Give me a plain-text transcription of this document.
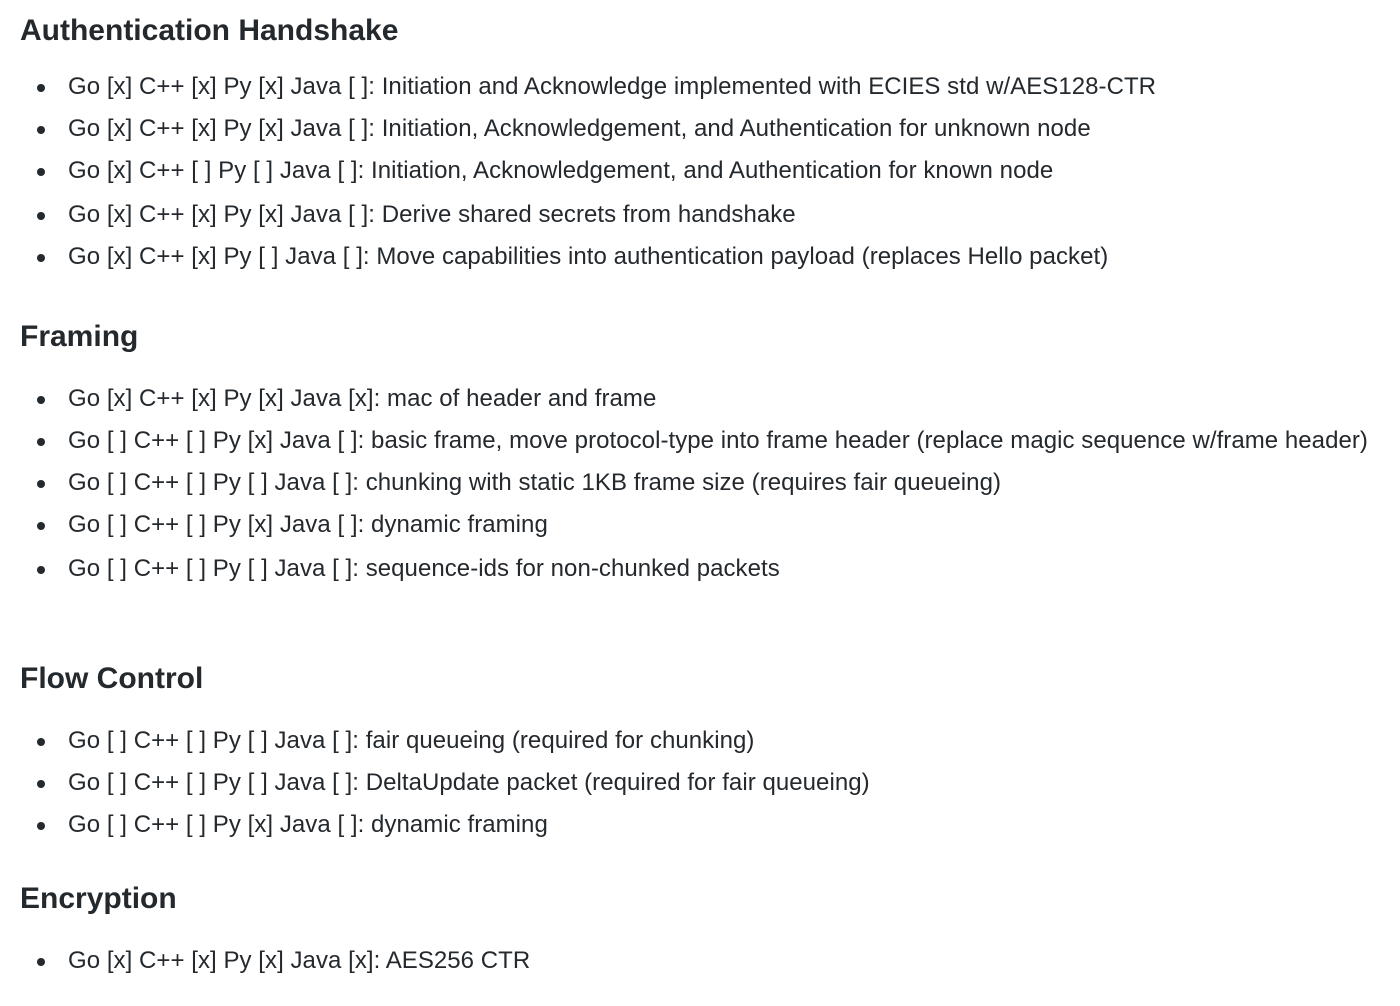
Authentication Handshake
Go [x] C++ [x] Py [x] Java [ ]: Initiation and Acknowledge implemented with ECIES std w/AES128-CTR
Go [x] C++ [x] Py [x] Java [ ]: Initiation, Acknowledgement, and Authentication for unknown node
Go [x] C++ [ ] Py [ ] Java [ ]: Initiation, Acknowledgement, and Authentication for known node
Go [x] C++ [x] Py [x] Java [ ]: Derive shared secrets from handshake
Go [x] C++ [x] Py [ ] Java [ ]: Move capabilities into authentication payload (replaces Hello packet)
Framing
Go [x] C++ [x] Py [x] Java [x]: mac of header and frame
Go [ ] C++ [ ] Py [x] Java [ ]: basic frame, move protocol-type into frame header (replace magic sequence w/frame header)
Go [ ] C++ [ ] Py [ ] Java [ ]: chunking with static 1KB frame size (requires fair queueing)
Go [ ] C++ [ ] Py [x] Java [ ]: dynamic framing
Go [ ] C++ [ ] Py [ ] Java [ ]: sequence-ids for non-chunked packets
Flow Control
Go [ ] C++ [ ] Py [ ] Java [ ]: fair queueing (required for chunking)
Go [ ] C++ [ ] Py [ ] Java [ ]: DeltaUpdate packet (required for fair queueing)
Go [ ] C++ [ ] Py [x] Java [ ]: dynamic framing
Encryption
Go [x] C++ [x] Py [x] Java [x]: AES256 CTR
